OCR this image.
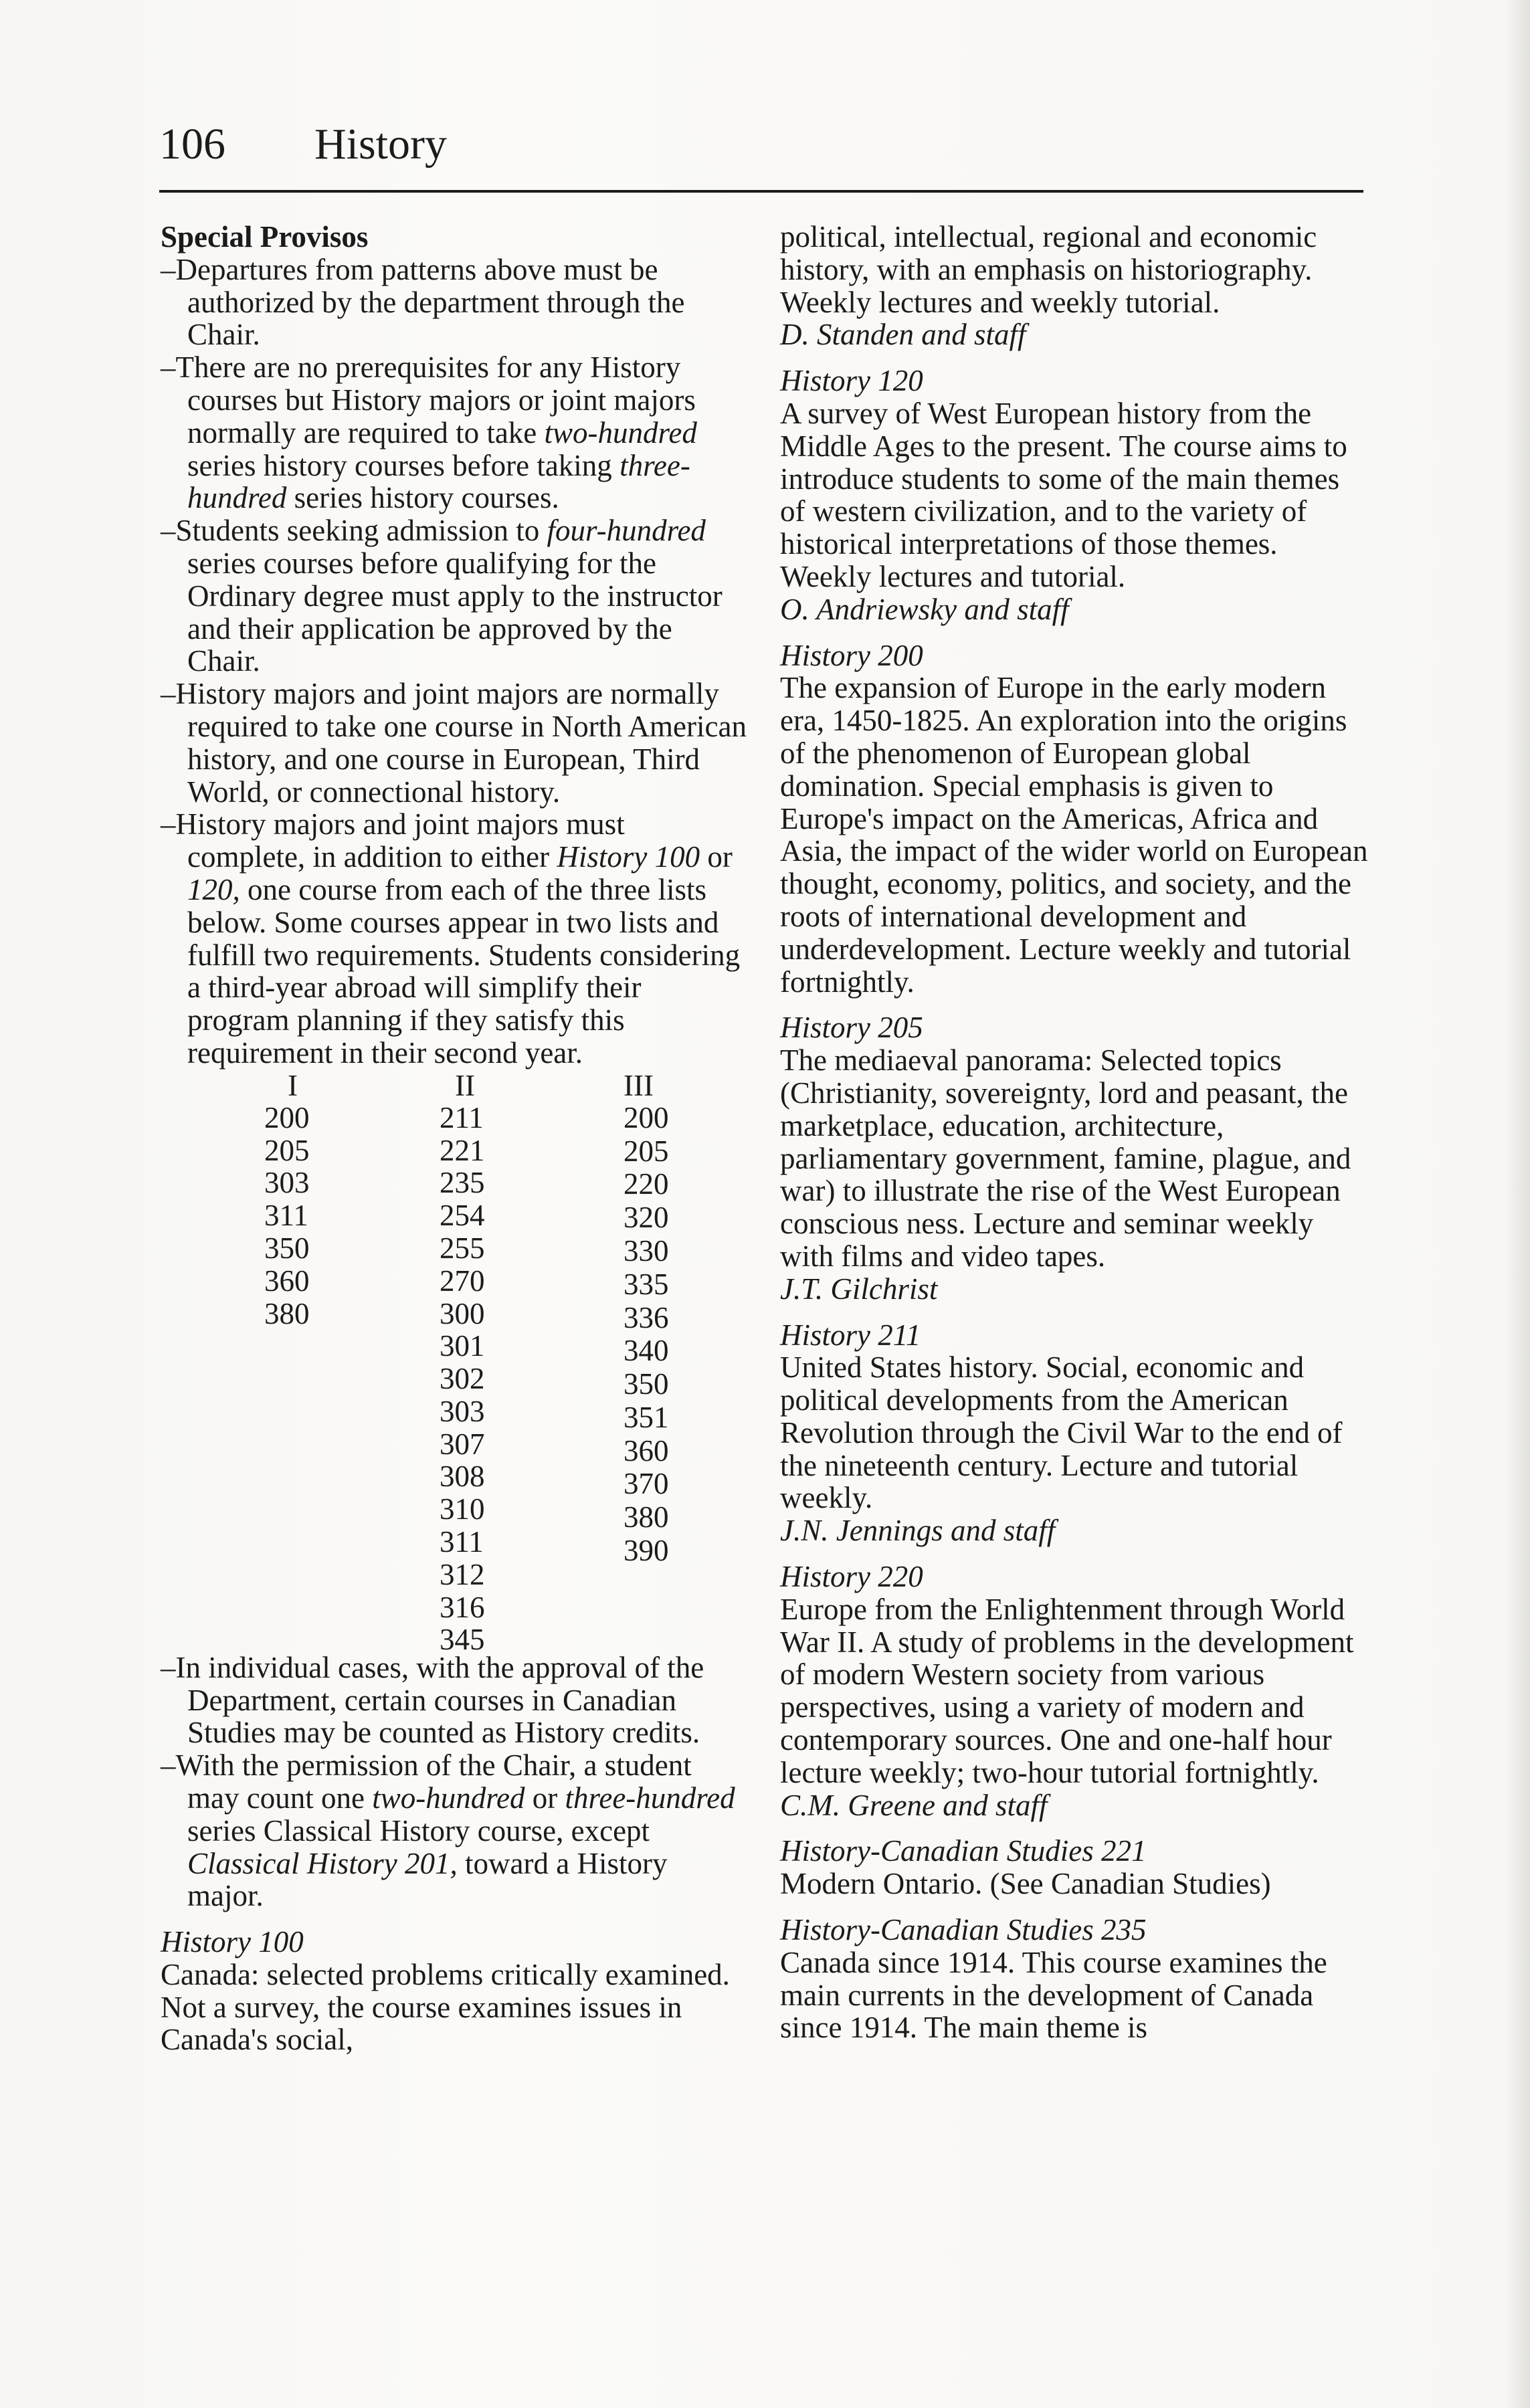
106 History
Special Provisos
–Departures from patterns above must be authorized by the department through the Chair.
–There are no prerequisites for any History courses but History majors or joint majors normally are required to take two-hundred series history courses before taking three-hundred series history courses.
–Students seeking admission to four-hundred series courses before qualifying for the Ordinary degree must apply to the instructor and their application be approved by the Chair.
–History majors and joint majors are normally required to take one course in North American history, and one course in European, Third World, or connectional history.
–History majors and joint majors must complete, in addition to either History 100 or 120, one course from each of the three lists below. Some courses appear in two lists and fulfill two requirements. Students considering a third-year abroad will simplify their program planning if they satisfy this requirement in their second year.
I	II	III
200
205
303
311
350
360
380
211
221
235
254
255
270
300
301
302
303
307
308
310
311
312
316
345
200
205
220
320
330
335
336
340
350
351
360
370
380
390
–In individual cases, with the approval of the Department, certain courses in Canadian Studies may be counted as History credits.
–With the permission of the Chair, a student may count one two-hundred or three-hundred series Classical History course, except Classical History 201, toward a History major.
History 100
Canada: selected problems critically examined. Not a survey, the course examines issues in Canada's social,
political, intellectual, regional and economic history, with an emphasis on historiography. Weekly lectures and weekly tutorial.
D. Standen and staff
History 120
A survey of West European history from the Middle Ages to the present. The course aims to introduce students to some of the main themes of western civilization, and to the variety of historical interpretations of those themes. Weekly lectures and tutorial.
O. Andriewsky and staff
History 200
The expansion of Europe in the early modern era, 1450-1825. An exploration into the origins of the phenomenon of European global domination. Special emphasis is given to Europe's impact on the Americas, Africa and Asia, the impact of the wider world on European thought, economy, politics, and society, and the roots of international development and underdevelopment. Lecture weekly and tutorial fortnightly.
History 205
The mediaeval panorama: Selected topics (Christianity, sovereignty, lord and peasant, the marketplace, education, architecture, parliamentary government, famine, plague, and war) to illustrate the rise of the West European conscious ness. Lecture and seminar weekly with films and video tapes.
J.T. Gilchrist
History 211
United States history. Social, economic and political developments from the American Revolution through the Civil War to the end of the nineteenth century. Lecture and tutorial weekly.
J.N. Jennings and staff
History 220
Europe from the Enlightenment through World War II. A study of problems in the development of modern Western society from various perspectives, using a variety of modern and contemporary sources. One and one-half hour lecture weekly; two-hour tutorial fortnightly.
C.M. Greene and staff
History-Canadian Studies 221
Modern Ontario. (See Canadian Studies)
History-Canadian Studies 235
Canada since 1914. This course examines the main currents in the development of Canada since 1914. The main theme is
